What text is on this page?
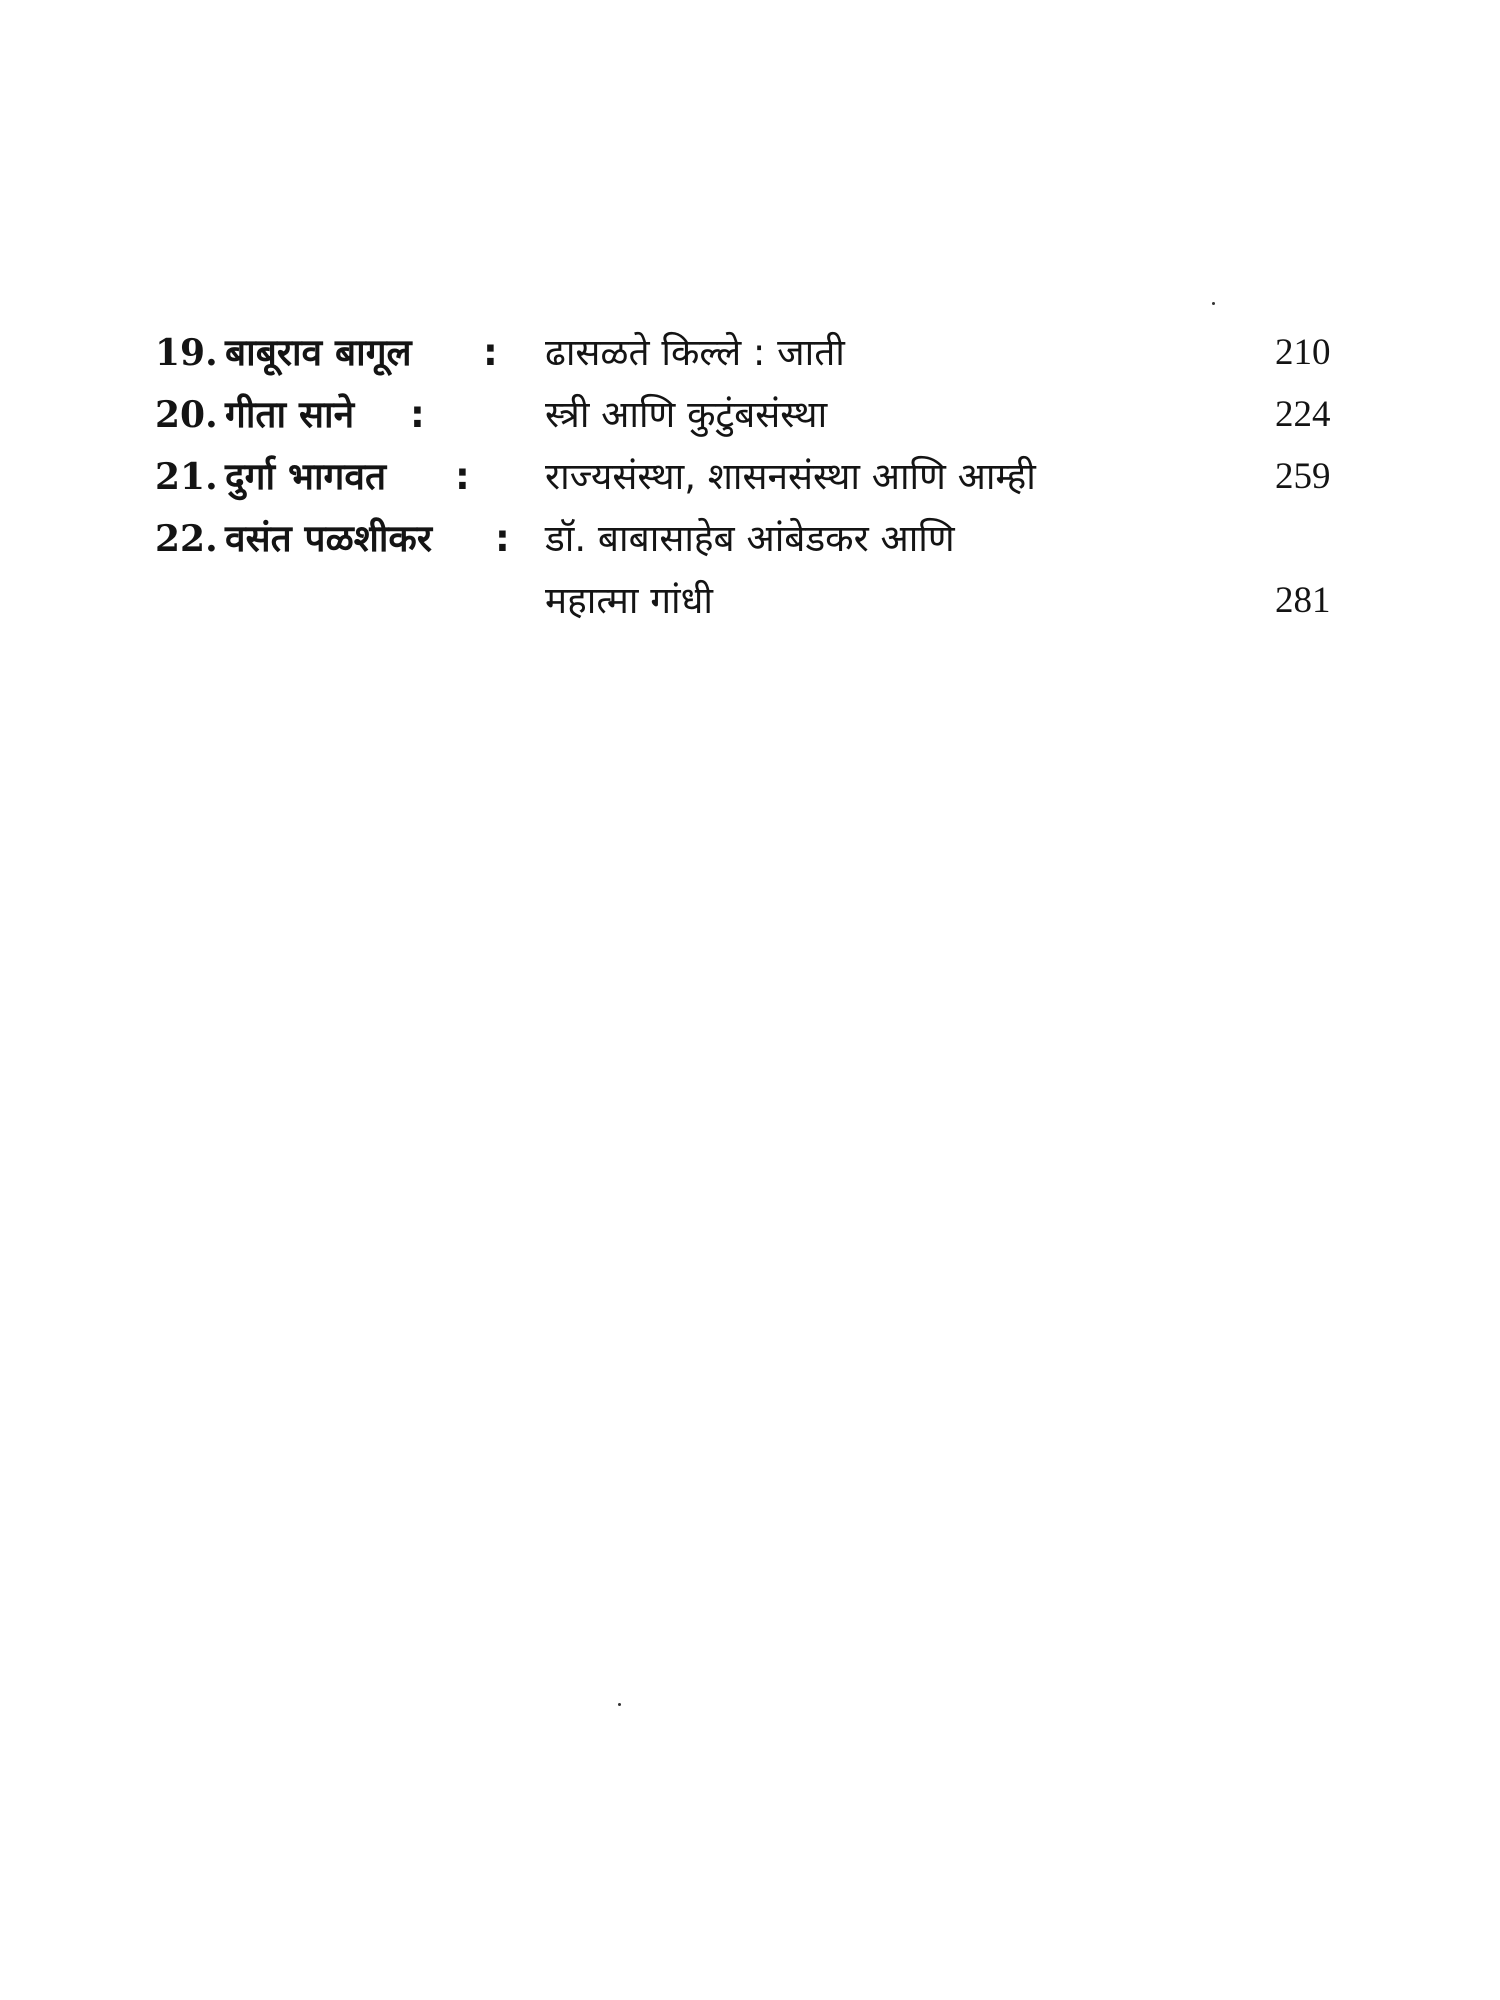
19. बाबूराव बागूल : ढासळते किल्ले : जाती	210
20. गीता साने :	स्त्री आणि कुटुंबसंस्था	224
21. दुर्गा भागवत : राज्यसंस्था, शासनसंस्था आणि आम्ही	259
22. वसंत पळशीकर : डॉ. बाबासाहेब आंबेडकर आणि
महात्मा गांधी	281
